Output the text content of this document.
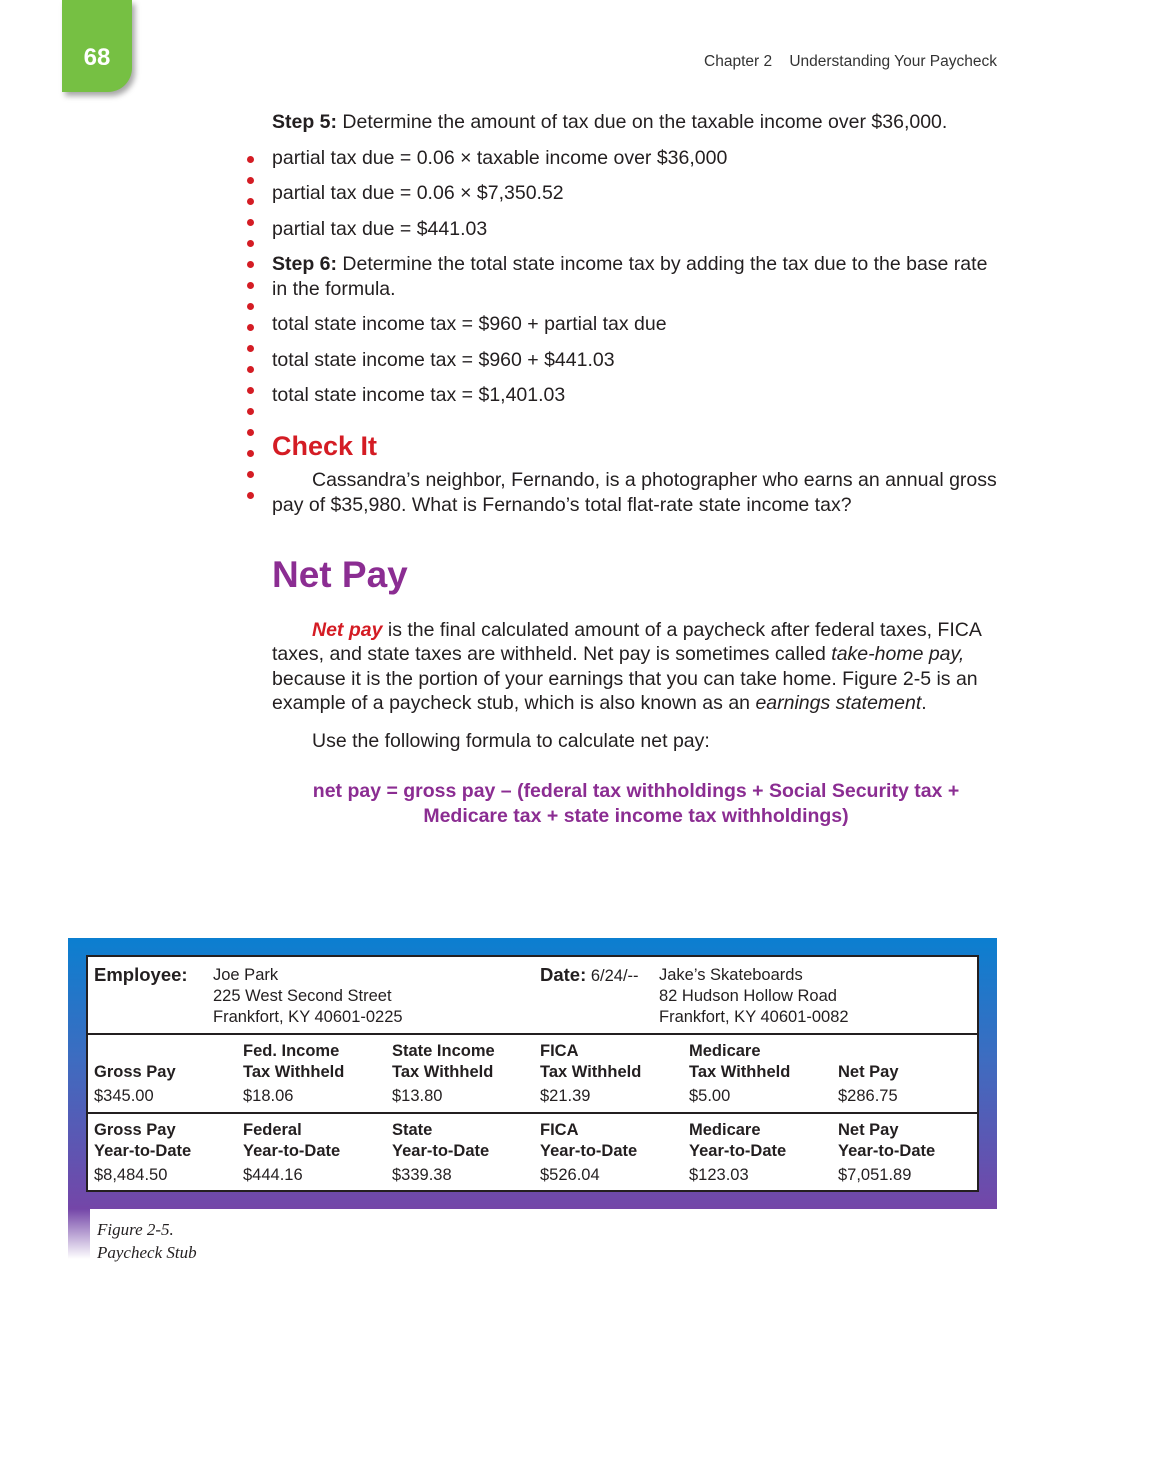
68	Chapter 2    Understanding Your Paycheck

Step 5: Determine the amount of tax due on the taxable income over $36,000.

partial tax due = 0.06 × taxable income over $36,000

partial tax due = 0.06 × $7,350.52

partial tax due = $441.03

Step 6: Determine the total state income tax by adding the tax due to the base rate in the formula.

total state income tax = $960 + partial tax due

total state income tax = $960 + $441.03

total state income tax = $1,401.03

Check It

Cassandra’s neighbor, Fernando, is a photographer who earns an annual gross pay of $35,980. What is Fernando’s total flat-rate state income tax?

Net Pay

Net pay is the final calculated amount of a paycheck after federal taxes, FICA taxes, and state taxes are withheld. Net pay is sometimes called take-home pay, because it is the portion of your earnings that you can take home. Figure 2-5 is an example of a paycheck stub, which is also known as an earnings statement.

Use the following formula to calculate net pay:

net pay = gross pay – (federal tax withholdings + Social Security tax +
Medicare tax + state income tax withholdings)
Employee: Joe Park
225 West Second Street
Frankfort, KY 40601-0225
Date: 6/24/-- Jake’s Skateboards
82 Hudson Hollow Road
Frankfort, KY 40601-0082

Gross Pay
$345.00
Fed. Income
Tax Withheld
$18.06
State Income
Tax Withheld
$13.80
FICA
Tax Withheld
$21.39
Medicare
Tax Withheld
$5.00

Net Pay
$286.75
Gross Pay
Year-to-Date
$8,484.50
Federal
Year-to-Date
$444.16
State
Year-to-Date
$339.38
FICA
Year-to-Date
$526.04
Medicare
Year-to-Date
$123.03
Net Pay
Year-to-Date
$7,051.89
Figure 2-5.
Paycheck Stub
